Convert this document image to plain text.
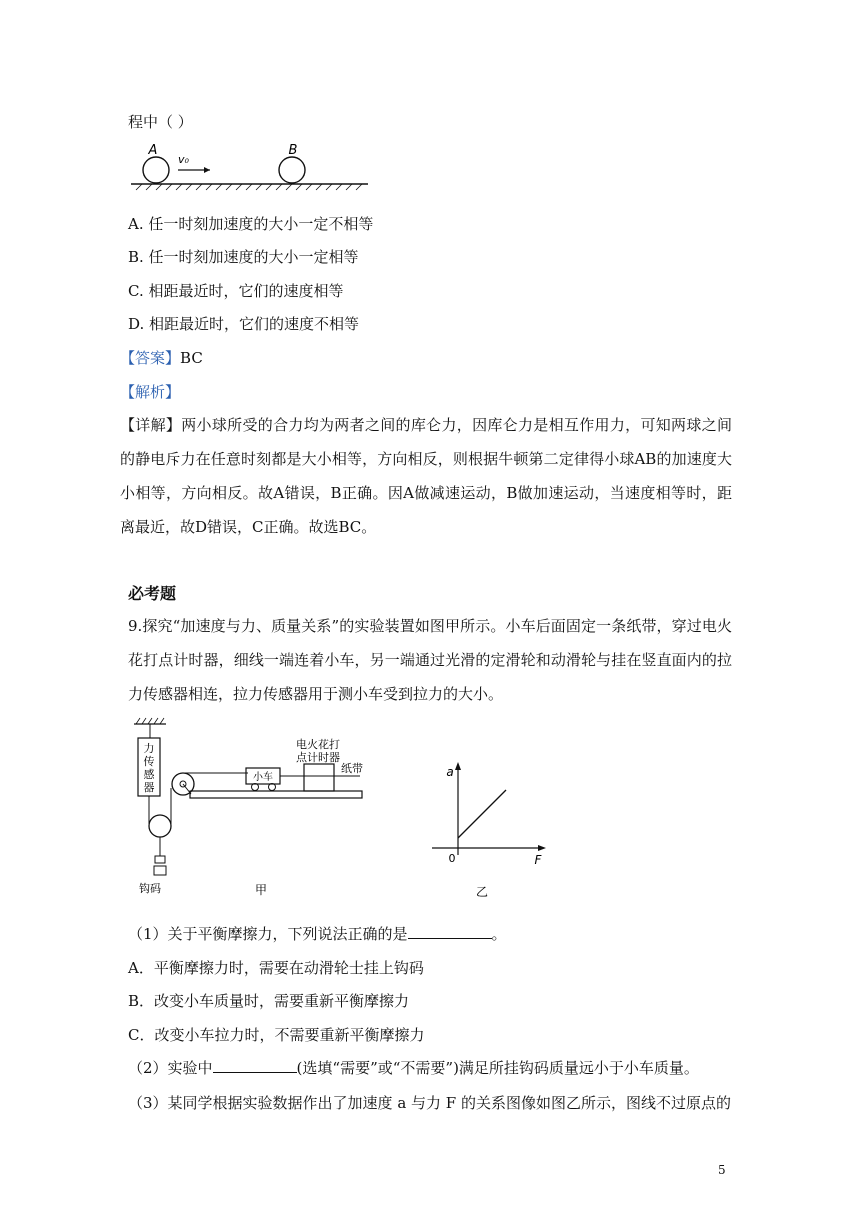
程中（ ）
A	B
v₀
A. 任一时刻加速度的大小一定不相等
B. 任一时刻加速度的大小一定相等
C. 相距最近时，它们的速度相等
D. 相距最近时，它们的速度不相等
【答案】BC
【解析】
【详解】两小球所受的合力均为两者之间的库仑力，因库仑力是相互作用力，可知两球之间的静电斥力在任意时刻都是大小相等，方向相反，则根据牛顿第二定律得小球AB的加速度大小相等，方向相反。故A错误，B正确。因A做减速运动，B做加速运动，当速度相等时，距离最近，故D错误，C正确。故选BC。
必考题
9.探究“加速度与力、质量关系”的实验装置如图甲所示。小车后面固定一条纸带，穿过电火花打点计时器，细线一端连着小车，另一端通过光滑的定滑轮和动滑轮与挂在竖直面内的拉力传感器相连，拉力传感器用于测小车受到拉力的大小。
力
传
感
器
钩码
小车
电火花打
点计时器
纸带
甲
a
F
0
乙
（1）关于平衡摩擦力，下列说法正确的是	。
A．平衡摩擦力时，需要在动滑轮士挂上钩码
B．改变小车质量时，需要重新平衡摩擦力
C．改变小车拉力时，不需要重新平衡摩擦力
（2）实验中	(选填“需要”或“不需要”)满足所挂钩码质量远小于小车质量。
（3）某同学根据实验数据作出了加速度 a 与力 F 的关系图像如图乙所示，图线不过原点的
5
